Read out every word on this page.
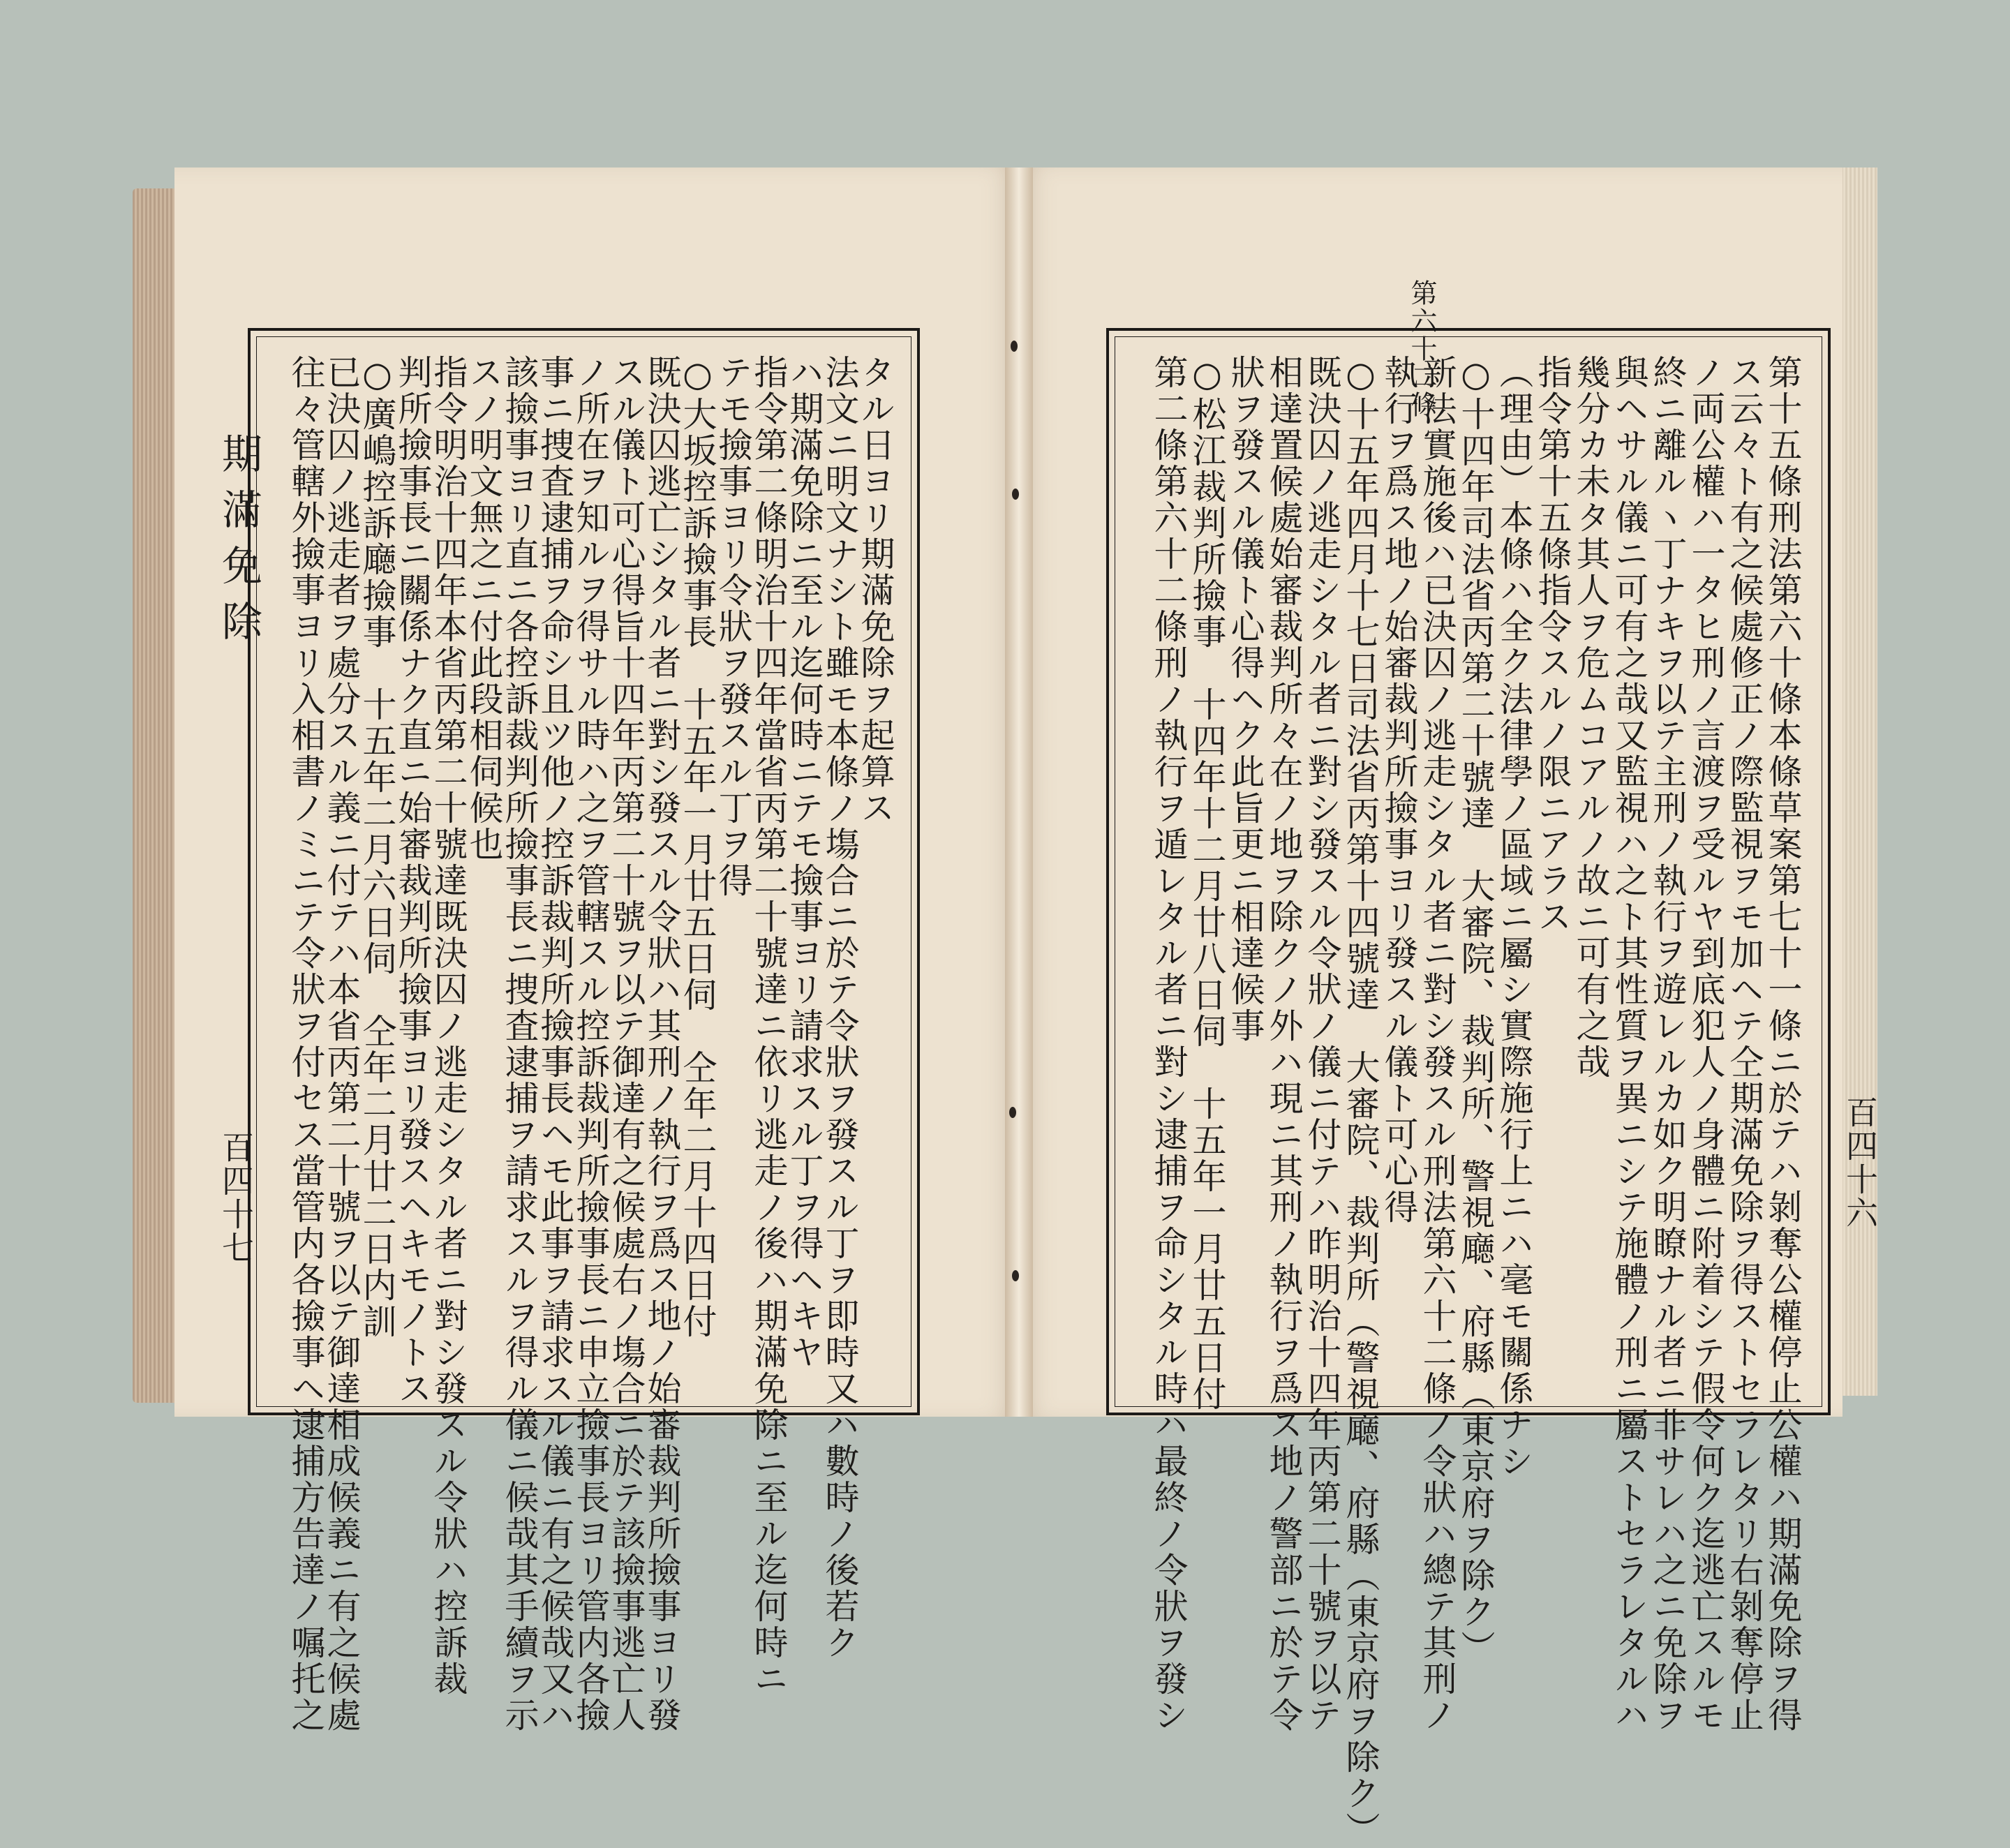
期滿免除
百四十七
第六十二條
百四十六
タル日ヨリ期滿免除ヲ起算ス
法文ニ明文ナシト雖モ本條ノ塲合ニ於テ令狀ヲ發スル丁ヲ即時又ハ數時ノ後若ク
ハ期滿免除ニ至ル迄何時ニテモ撿事ヨリ請求スル丁ヲ得ヘキヤ
指令第二條明治十四年當省丙第二十號達ニ依リ逃走ノ後ハ期滿免除ニ至ル迄何時ニ
テモ撿事ヨリ令狀ヲ發スル丁ヲ得
○大坂控訴撿事長　十五年一月廿五日伺　仝年二月十四日付
既決囚逃亡シタル者ニ對シ發スル令狀ハ其刑ノ執行ヲ爲ス地ノ始審裁判所撿事ヨリ發
スル儀ト可心得旨十四年丙第二十號ヲ以テ御達有之候處右ノ塲合ニ於テ該撿事逃亡人
ノ所在ヲ知ルヲ得サル時ハ之ヲ管轄スル控訴裁判所撿事長ニ申立撿事長ヨリ管内各撿
事ニ捜査逮捕ヲ命シ且ツ他ノ控訴裁判所撿事長ヘモ此事ヲ請求スル儀ニ有之候哉又ハ
該撿事ヨリ直ニ各控訴裁判所撿事長ニ捜査逮捕ヲ請求スルヲ得ル儀ニ候哉其手續ヲ示
スノ明文無之ニ付此段相伺候也
指令明治十四年本省丙第二十號達既決囚ノ逃走シタル者ニ對シ發スル令狀ハ控訴裁
判所撿事長ニ關係ナク直ニ始審裁判所撿事ヨリ發スヘキモノトス
○廣嶋控訴廰撿事　十五年二月六日伺　仝年二月廿二日内訓
已決囚ノ逃走者ヲ處分スル義ニ付テハ本省丙第二十號ヲ以テ御達相成候義ニ有之候處
往々管轄外撿事ヨリ入相書ノミニテ令狀ヲ付セス當管内各撿事ヘ逮捕方告達ノ嘱托之	第十五條刑法第六十條本條草案第七十一條ニ於テハ剝奪公權停止公權ハ期滿免除ヲ得
ス云々ト有之候處修正ノ際監視ヲモ加ヘテ仝期滿免除ヲ得ストセラレタリ右剝奪停止
ノ両公權ハ一タヒ刑ノ言渡ヲ受ルヤ到底犯人ノ身體ニ附着シテ假令何ク迄逃亡スルモ
終ニ離ルヽ丁ナキヲ以テ主刑ノ執行ヲ遊レルカ如ク明瞭ナル者ニ非サレハ之ニ免除ヲ
與ヘサル儀ニ可有之哉又監視ハ之ト其性質ヲ異ニシテ施體ノ刑ニ屬ストセラレタルハ
幾分カ未タ其人ヲ危ムコアルノ故ニ可有之哉
指令第十五條指令スルノ限ニアラス
（理由）本條ハ全ク法律學ノ區域ニ屬シ實際施行上ニハ毫モ關係ナシ
○十四年司法省丙第二十號達　大審院、裁判所、警視廰、府縣（東京府ヲ除ク）
新法實施後ハ已決囚ノ逃走シタル者ニ對シ發スル刑法第六十二條ノ令狀ハ總テ其刑ノ
執行ヲ爲ス地ノ始審裁判所撿事ヨリ發スル儀ト可心得
○十五年四月十七日司法省丙第十四號達　大審院、裁判所（警視廰、府縣（東京府ヲ除ク）
既決囚ノ逃走シタル者ニ對シ發スル令狀ノ儀ニ付テハ昨明治十四年丙第二十號ヲ以テ
相達置候處始審裁判所々在ノ地ヲ除クノ外ハ現ニ其刑ノ執行ヲ爲ス地ノ警部ニ於テ令
狀ヲ發スル儀ト心得ヘク此旨更ニ相達候事
○松江裁判所撿事　十四年十二月廿八日伺　十五年一月廿五日付
第二條第六十二條刑ノ執行ヲ遁レタル者ニ對シ逮捕ヲ命シタル時ハ最終ノ令狀ヲ發シ
